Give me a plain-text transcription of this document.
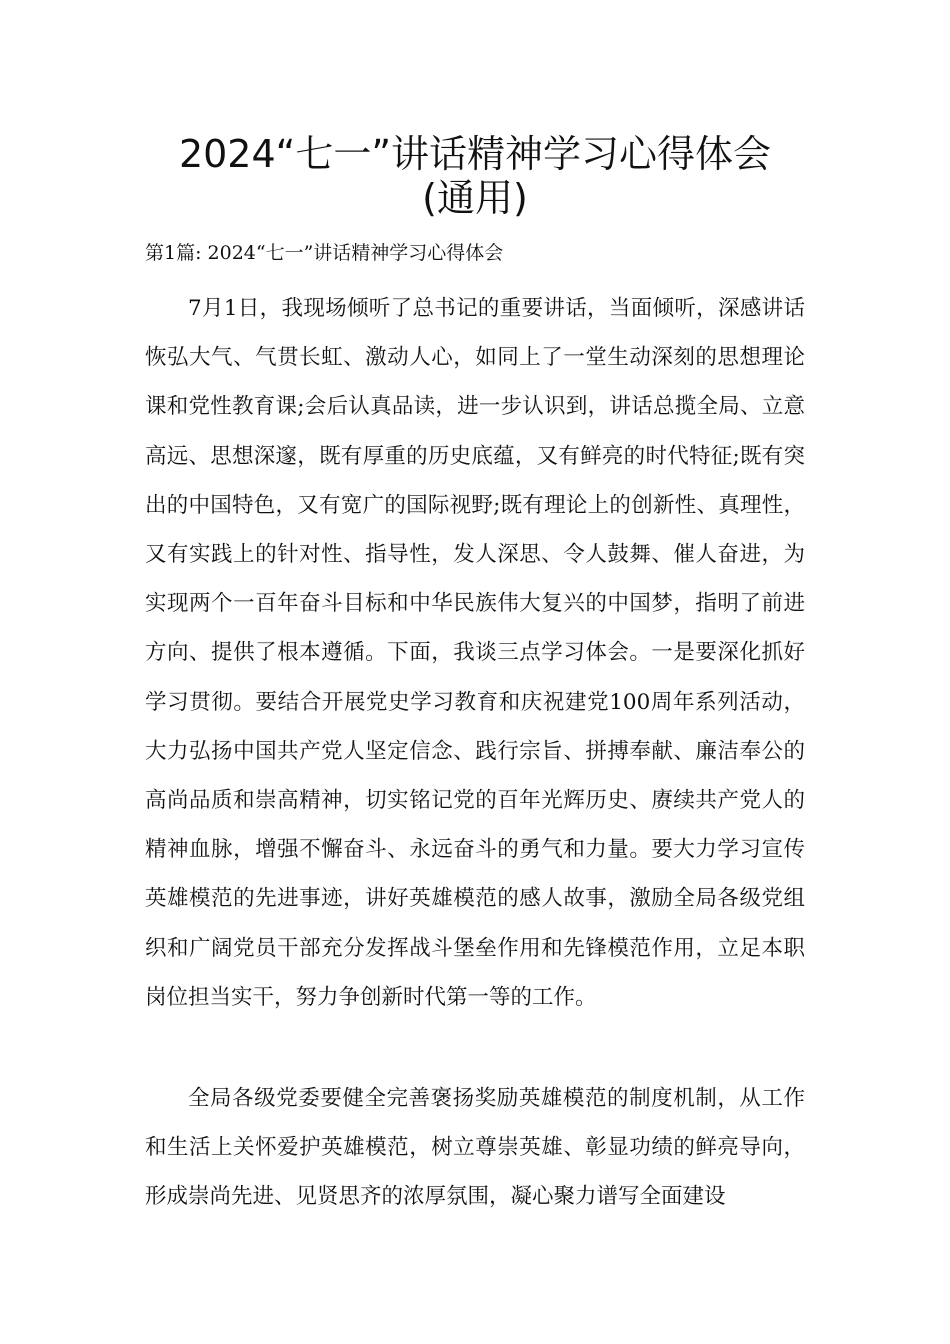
2024“七一”讲话精神学习心得体会
(通用)

第1篇: 2024“七一”讲话精神学习心得体会

7月1日，我现场倾听了总书记的重要讲话，当面倾听，深感讲话恢弘大气、气贯长虹、激动人心，如同上了一堂生动深刻的思想理论课和党性教育课;会后认真品读，进一步认识到，讲话总揽全局、立意高远、思想深邃，既有厚重的历史底蕴，又有鲜亮的时代特征;既有突出的中国特色，又有宽广的国际视野;既有理论上的创新性、真理性，又有实践上的针对性、指导性，发人深思、令人鼓舞、催人奋进，为实现两个一百年奋斗目标和中华民族伟大复兴的中国梦，指明了前进方向、提供了根本遵循。下面，我谈三点学习体会。一是要深化抓好学习贯彻。要结合开展党史学习教育和庆祝建党100周年系列活动，大力弘扬中国共产党人坚定信念、践行宗旨、拼搏奉献、廉洁奉公的高尚品质和崇高精神，切实铭记党的百年光辉历史、赓续共产党人的精神血脉，增强不懈奋斗、永远奋斗的勇气和力量。要大力学习宣传英雄模范的先进事迹，讲好英雄模范的感人故事，激励全局各级党组织和广阔党员干部充分发挥战斗堡垒作用和先锋模范作用，立足本职岗位担当实干，努力争创新时代第一等的工作。

全局各级党委要健全完善褒扬奖励英雄模范的制度机制，从工作和生活上关怀爱护英雄模范，树立尊崇英雄、彰显功绩的鲜亮导向，形成崇尚先进、见贤思齐的浓厚氛围，凝心聚力谱写全面建设
